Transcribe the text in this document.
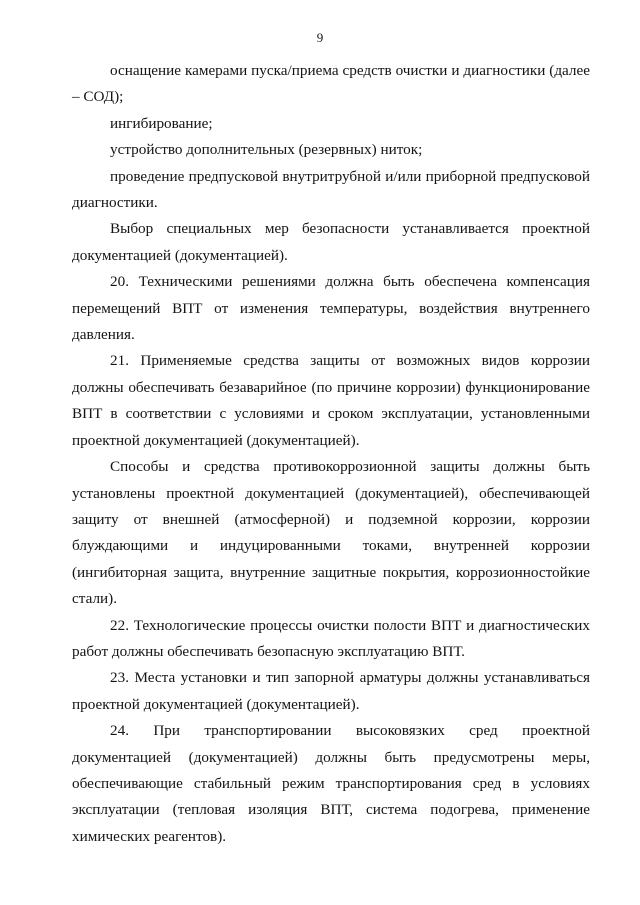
9

оснащение камерами пуска/приема средств очистки и диагностики (далее – СОД);

ингибирование;

устройство дополнительных (резервных) ниток;

проведение предпусковой внутритрубной и/или приборной предпусковой диагностики.

Выбор специальных мер безопасности устанавливается проектной документацией (документацией).

20. Техническими решениями должна быть обеспечена компенсация перемещений ВПТ от изменения температуры, воздействия внутреннего давления.

21. Применяемые средства защиты от возможных видов коррозии должны обеспечивать безаварийное (по причине коррозии) функционирование ВПТ в соответствии с условиями и сроком эксплуатации, установленными проектной документацией (документацией).

Способы и средства противокоррозионной защиты должны быть установлены проектной документацией (документацией), обеспечивающей защиту от внешней (атмосферной) и подземной коррозии, коррозии блуждающими и индуцированными токами, внутренней коррозии (ингибиторная защита, внутренние защитные покрытия, коррозионностойкие стали).

22. Технологические процессы очистки полости ВПТ и диагностических работ должны обеспечивать безопасную эксплуатацию ВПТ.

23. Места установки и тип запорной арматуры должны устанавливаться проектной документацией (документацией).

24. При транспортировании высоковязких сред проектной документацией (документацией) должны быть предусмотрены меры, обеспечивающие стабильный режим транспортирования сред в условиях эксплуатации (тепловая изоляция ВПТ, система подогрева, применение химических реагентов).
